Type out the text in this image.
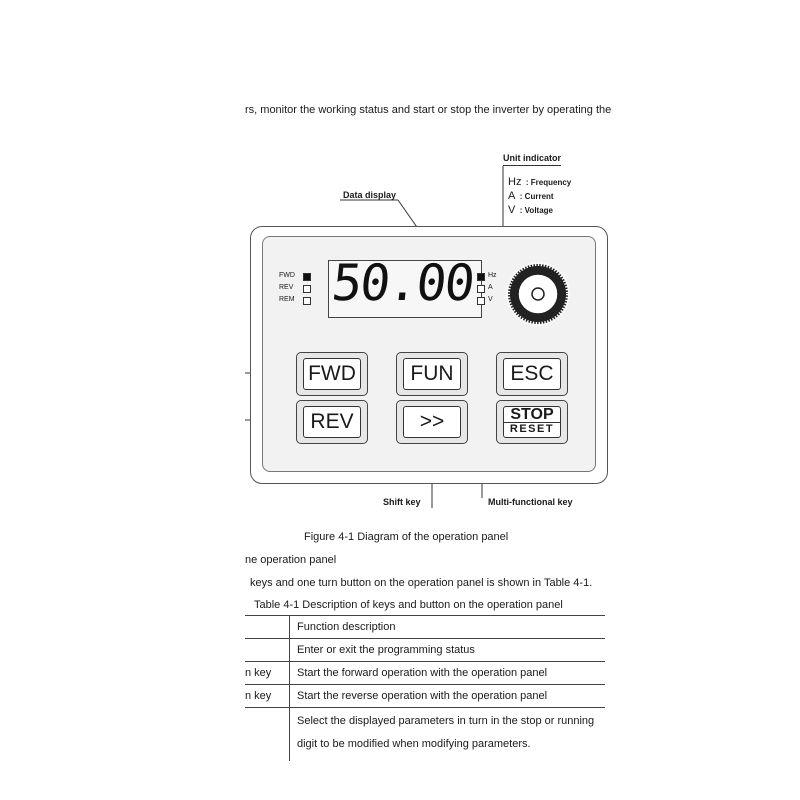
rs, monitor the working status and start or stop the inverter by operating the
Unit indicator
Hz : Frequency
A : Current
V : Voltage
Data display
FWD
REV
REM 50.00	Hz
A
V
FWD	FUN	ESC
REV	>>	STOP
RESET
Shift key	Multi-functional key
Figure 4-1 Diagram of the operation panel
ne operation panel
keys and one turn button on the operation panel is shown in Table 4-1.
Table 4-1 Description of keys and button on the operation panel
Function description
Enter or exit the programming status
n key Start the forward operation with the operation panel
n key Start the reverse operation with the operation panel
Select the displayed parameters in turn in the stop or running
digit to be modified when modifying parameters.
